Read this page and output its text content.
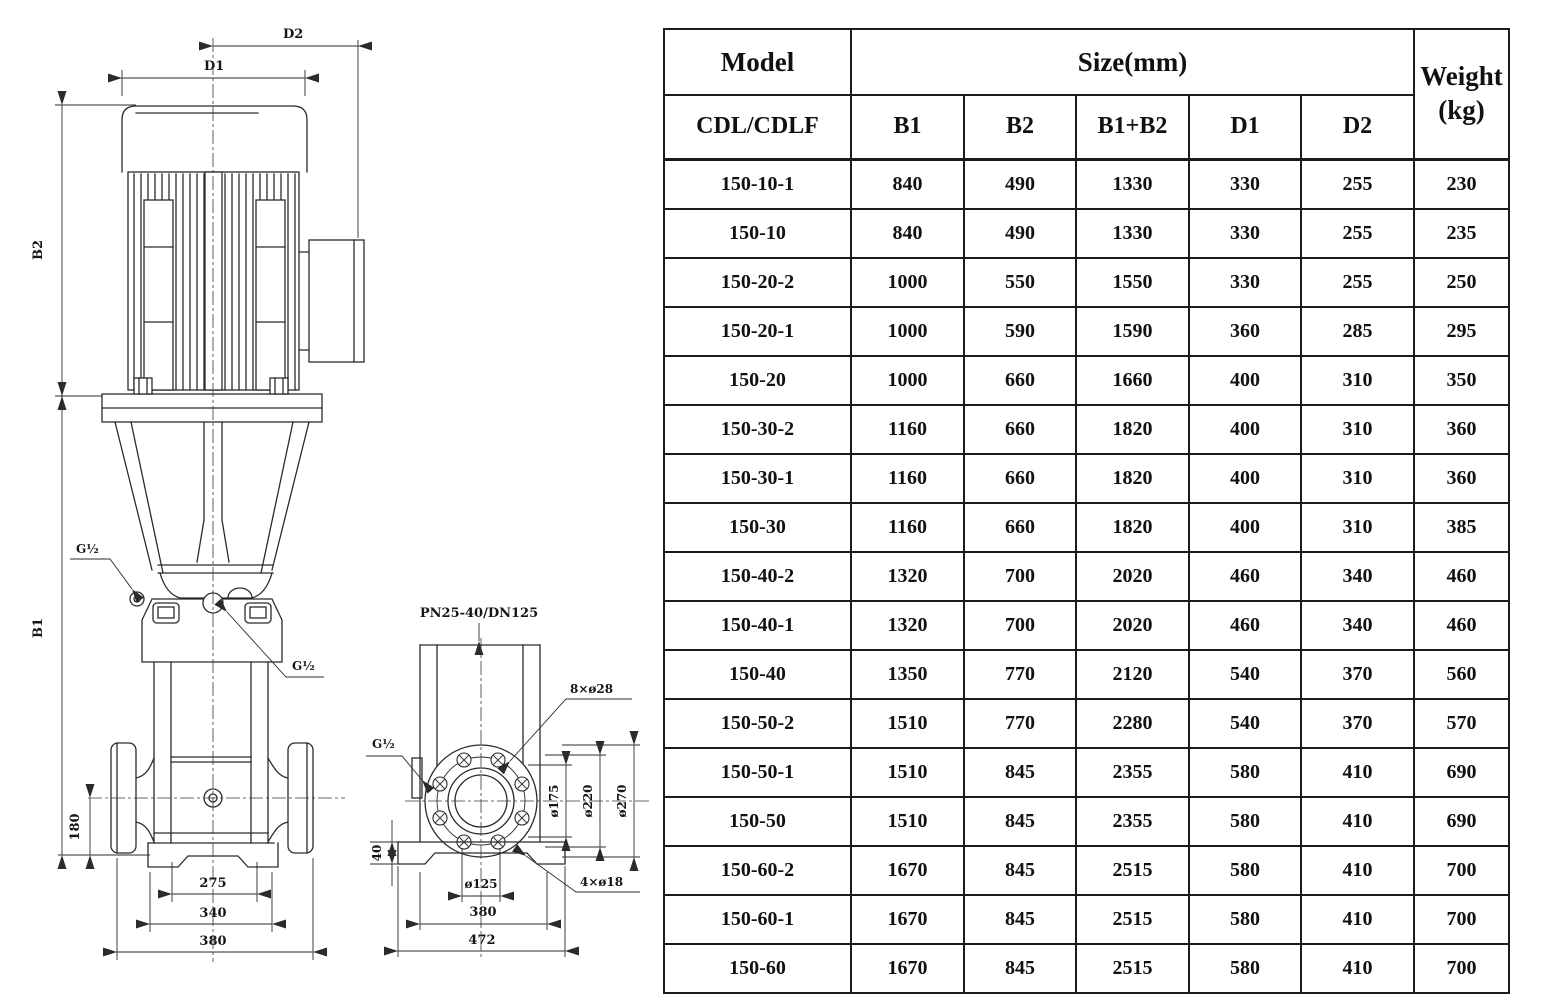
D2
D1
B2
B1
G½
G½
180
275
340
380
PN25-40/DN125
8×ø28
G½
ø175 ø220 ø270
40
ø125
380
472
4×ø18
Model	Size(mm)					Weight
(kg)

CDL/CDLF	B1	B2	B1+B2	D1	D2	
150-10-1	840	490	1330	330	255	230
150-10	840	490	1330	330	255	235
150-20-2	1000	550	1550	330	255	250
150-20-1	1000	590	1590	360	285	295
150-20	1000	660	1660	400	310	350
150-30-2	1160	660	1820	400	310	360
150-30-1	1160	660	1820	400	310	360
150-30	1160	660	1820	400	310	385
150-40-2	1320	700	2020	460	340	460
150-40-1	1320	700	2020	460	340	460
150-40	1350	770	2120	540	370	560
150-50-2	1510	770	2280	540	370	570
150-50-1	1510	845	2355	580	410	690
150-50	1510	845	2355	580	410	690
150-60-2	1670	845	2515	580	410	700
150-60-1	1670	845	2515	580	410	700
150-60	1670	845	2515	580	410	700
